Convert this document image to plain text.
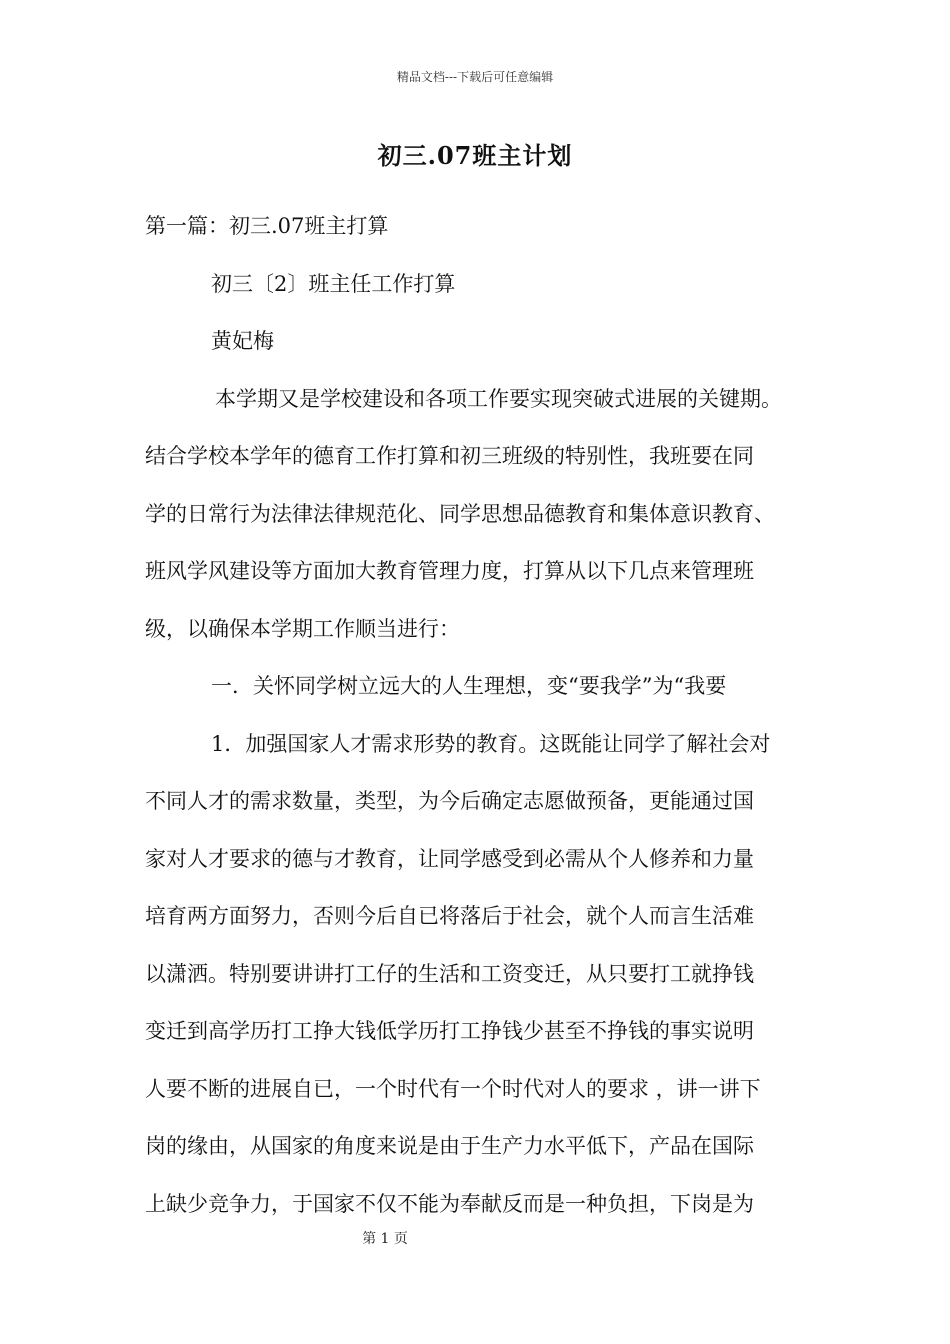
精品文档---下载后可任意编辑
初三.07班主计划

第一篇：初三.07班主打算

初三〔2〕班主任工作打算

黄妃梅

本学期又是学校建设和各项工作要实现突破式进展的关键期。
结合学校本学年的德育工作打算和初三班级的特别性，我班要在同
学的日常行为法律法律规范化、同学思想品德教育和集体意识教育、
班风学风建设等方面加大教育管理力度，打算从以下几点来管理班
级，以确保本学期工作顺当进行：

一．关怀同学树立远大的人生理想，变“要我学”为“我要

1．加强国家人才需求形势的教育。这既能让同学了解社会对
不同人才的需求数量，类型，为今后确定志愿做预备，更能通过国
家对人才要求的德与才教育，让同学感受到必需从个人修养和力量
培育两方面努力，否则今后自已将落后于社会，就个人而言生活难
以潇洒。特别要讲讲打工仔的生活和工资变迁，从只要打工就挣钱
变迁到高学历打工挣大钱低学历打工挣钱少甚至不挣钱的事实说明
人要不断的进展自已，一个时代有一个时代对人的要求 ，讲一讲下
岗的缘由，从国家的角度来说是由于生产力水平低下，产品在国际
上缺少竞争力，于国家不仅不能为奉献反而是一种负担，下岗是为
第 1 页
